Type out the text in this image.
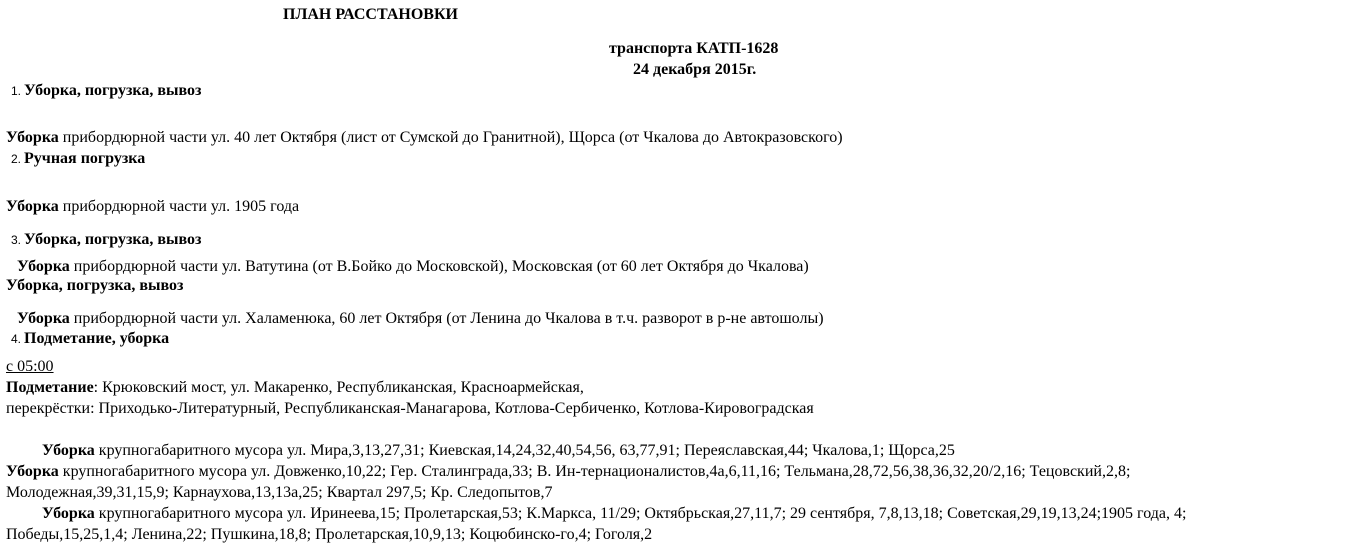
ПЛАН РАССТАНОВКИ
транспорта КАТП-1628
24 декабря 2015г.
1. Уборка, погрузка, вывоз
Уборка прибордюрной части ул. 40 лет Октября (лист от Сумской до Гранитной), Щорса (от Чкалова до Автокразовского)
2. Ручная погрузка
Уборка прибордюрной части ул. 1905 года
3. Уборка, погрузка, вывоз
Уборка прибордюрной части ул. Ватутина (от В.Бойко до Московской), Московская (от 60 лет Октября до Чкалова)
Уборка, погрузка, вывоз
Уборка прибордюрной части ул. Халаменюка, 60 лет Октября (от Ленина до Чкалова в т.ч. разворот в р-не автошолы)
4. Подметание, уборка
с 05:00
Подметание: Крюковский мост, ул. Макаренко, Республиканская, Красноармейская,
перекрёстки: Приходько-Литературный, Республиканская-Манагарова, Котлова-Сербиченко, Котлова-Кировоградская
Уборка крупногабаритного мусора ул. Мира,3,13,27,31; Киевская,14,24,32,40,54,56, 63,77,91; Переяславская,44; Чкалова,1; Щорса,25
Уборка крупногабаритного мусора ул. Довженко,10,22; Гер. Сталинграда,33; В. Ин-тернационалистов,4а,6,11,16; Тельмана,28,72,56,38,36,32,20/2,16; Тецовский,2,8;
Молодежная,39,31,15,9; Карнаухова,13,13а,25; Квартал 297,5; Кр. Следопытов,7
Уборка крупногабаритного мусора ул. Иринеева,15; Пролетарская,53; К.Маркса, 11/29; Октябрьская,27,11,7; 29 сентября, 7,8,13,18; Советская,29,19,13,24;1905 года, 4;
Победы,15,25,1,4; Ленина,22; Пушкина,18,8; Пролетарская,10,9,13; Коцюбинско-го,4; Гоголя,2
